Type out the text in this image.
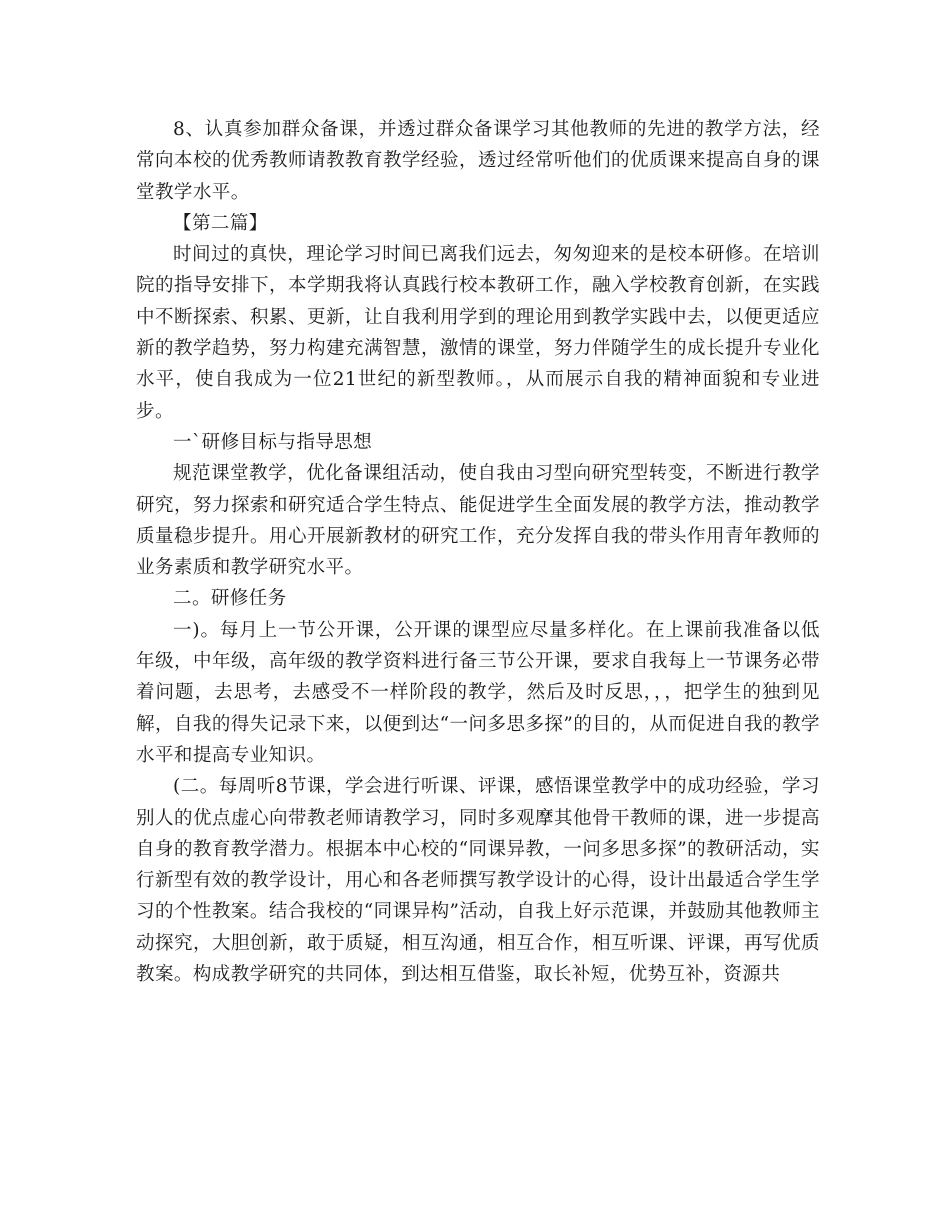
8、认真参加群众备课，并透过群众备课学习其他教师的先进的教学方法，经常向本校的优秀教师请教教育教学经验，透过经常听他们的优质课来提高自身的课堂教学水平。

【第二篇】

时间过的真快，理论学习时间已离我们远去，匆匆迎来的是校本研修。在培训院的指导安排下，本学期我将认真践行校本教研工作，融入学校教育创新，在实践中不断探索、积累、更新，让自我利用学到的理论用到教学实践中去，以便更适应新的教学趋势，努力构建充满智慧，激情的课堂，努力伴随学生的成长提升专业化水平，使自我成为一位21世纪的新型教师。，从而展示自我的精神面貌和专业进步。

一`研修目标与指导思想

规范课堂教学，优化备课组活动，使自我由习型向研究型转变，不断进行教学研究，努力探索和研究适合学生特点、能促进学生全面发展的教学方法，推动教学质量稳步提升。用心开展新教材的研究工作，充分发挥自我的带头作用青年教师的业务素质和教学研究水平。

二。研修任务

一)。每月上一节公开课，公开课的课型应尽量多样化。在上课前我准备以低年级，中年级，高年级的教学资料进行备三节公开课，要求自我每上一节课务必带着问题，去思考，去感受不一样阶段的教学，然后及时反思，，，把学生的独到见解，自我的得失记录下来，以便到达“一问多思多探”的目的，从而促进自我的教学水平和提高专业知识。

(二。每周听8节课，学会进行听课、评课，感悟课堂教学中的成功经验，学习别人的优点虚心向带教老师请教学习，同时多观摩其他骨干教师的课，进一步提高自身的教育教学潜力。根据本中心校的“同课异教，一问多思多探”的教研活动，实行新型有效的教学设计，用心和各老师撰写教学设计的心得，设计出最适合学生学习的个性教案。结合我校的“同课异构”活动，自我上好示范课，并鼓励其他教师主动探究，大胆创新，敢于质疑，相互沟通，相互合作，相互听课、评课，再写优质教案。构成教学研究的共同体，到达相互借鉴，取长补短，优势互补，资源共
